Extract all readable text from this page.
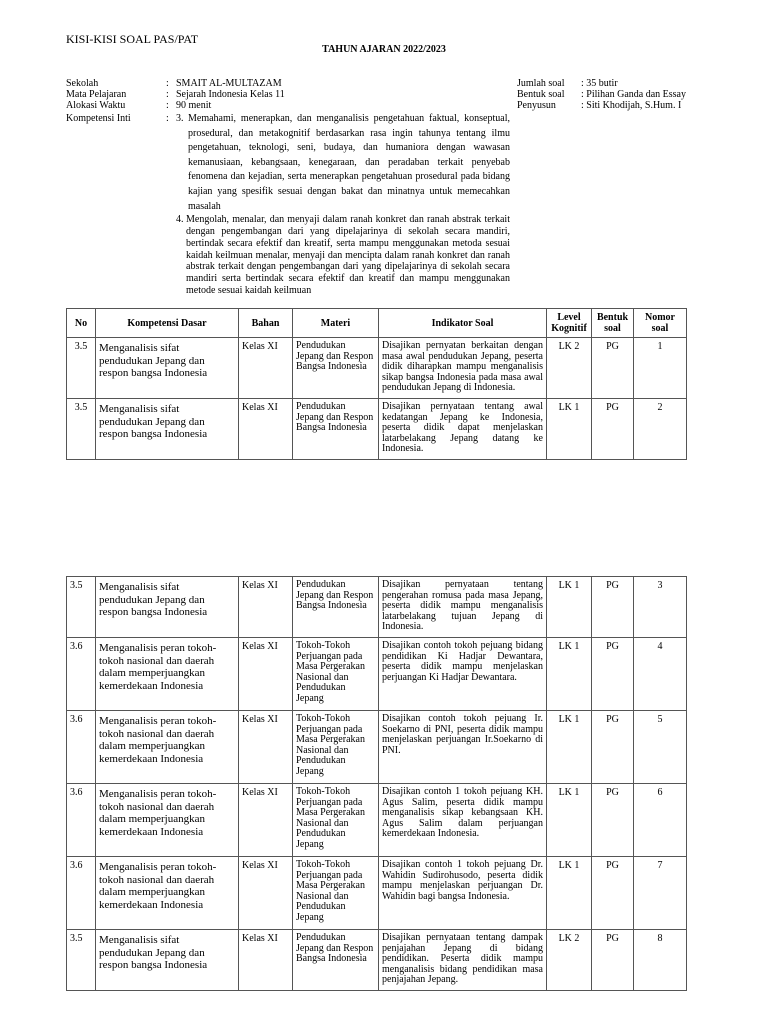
KISI-KISI SOAL PAS/PAT
TAHUN AJARAN 2022/2023
Sekolah	: SMAIT AL-MULTAZAM
Mata Pelajaran	: Sejarah Indonesia Kelas 11
Alokasi Waktu	: 90 menit
Jumlah soal	: 35 butir
Bentuk soal	: Pilihan Ganda dan Essay
Penyusun	: Siti Khodijah, S.Hum. I
Kompetensi Inti	: 3. Memahami, menerapkan, dan menganalisis pengetahuan faktual, konseptual, prosedural, dan metakognitif berdasarkan rasa ingin tahunya tentang ilmu pengetahuan, teknologi, seni, budaya, dan humaniora dengan wawasan kemanusiaan, kebangsaan, kenegaraan, dan peradaban terkait penyebab fenomena dan kejadian, serta menerapkan pengetahuan prosedural pada bidang kajian yang spesifik sesuai dengan bakat dan minatnya untuk memecahkan masalah
4. Mengolah, menalar, dan menyaji dalam ranah konkret dan ranah abstrak terkait dengan pengembangan dari yang dipelajarinya di sekolah secara mandiri, bertindak secara efektif dan kreatif, serta mampu menggunakan metoda sesuai kaidah keilmuan menalar, menyaji dan mencipta dalam ranah konkret dan ranah abstrak terkait dengan pengembangan dari yang dipelajarinya di sekolah secara mandiri serta bertindak secara efektif dan kreatif dan mampu menggunakan metode sesuai kaidah keilmuan
No	Kompetensi Dasar	Bahan	Materi	Indikator Soal	Level Kognitif	Bentuk soal	Nomor soal
3.5	Menganalisis sifat pendudukan Jepang dan respon bangsa Indonesia	Kelas XI	Pendudukan Jepang dan Respon Bangsa Indonesia	Disajikan pernyatan berkaitan dengan masa awal pendudukan Jepang, peserta didik diharapkan mampu menganalisis sikap bangsa Indonesia pada masa awal pendudukan Jepang di Indonesia.	LK 2	PG	1
3.5	Menganalisis sifat pendudukan Jepang dan respon bangsa Indonesia	Kelas XI	Pendudukan Jepang dan Respon Bangsa Indonesia	Disajikan pernyataan tentang awal kedatangan Jepang ke Indonesia, peserta didik dapat menjelaskan latarbelakang Jepang datang ke Indonesia.	LK 1	PG	2
3.5	Menganalisis sifat pendudukan Jepang dan respon bangsa Indonesia	Kelas XI	Pendudukan Jepang dan Respon Bangsa Indonesia	Disajikan pernyataan tentang pengerahan romusa pada masa Jepang, peserta didik mampu menganalisis latarbelakang tujuan Jepang di Indonesia.	LK 1	PG	3
3.6	Menganalisis peran tokoh-tokoh nasional dan daerah dalam memperjuangkan kemerdekaan Indonesia	Kelas XI	Tokoh-Tokoh Perjuangan pada Masa Pergerakan Nasional dan Pendudukan Jepang	Disajikan contoh tokoh pejuang bidang pendidikan Ki Hadjar Dewantara, peserta didik mampu menjelaskan perjuangan Ki Hadjar Dewantara.	LK 1	PG	4
3.6	Menganalisis peran tokoh-tokoh nasional dan daerah dalam memperjuangkan kemerdekaan Indonesia	Kelas XI	Tokoh-Tokoh Perjuangan pada Masa Pergerakan Nasional dan Pendudukan Jepang	Disajikan contoh tokoh pejuang Ir. Soekarno di PNI, peserta didik mampu menjelaskan perjuangan Ir.Soekarno di PNI.	LK 1	PG	5
3.6	Menganalisis peran tokoh-tokoh nasional dan daerah dalam memperjuangkan kemerdekaan Indonesia	Kelas XI	Tokoh-Tokoh Perjuangan pada Masa Pergerakan Nasional dan Pendudukan Jepang	Disajikan contoh 1 tokoh pejuang KH. Agus Salim, peserta didik mampu menganalisis sikap kebangsaan KH. Agus Salim dalam perjuangan kemerdekaan Indonesia.	LK 1	PG	6
3.6	Menganalisis peran tokoh-tokoh nasional dan daerah dalam memperjuangkan kemerdekaan Indonesia	Kelas XI	Tokoh-Tokoh Perjuangan pada Masa Pergerakan Nasional dan Pendudukan Jepang	Disajikan contoh 1 tokoh pejuang Dr. Wahidin Sudirohusodo, peserta didik mampu menjelaskan perjuangan Dr. Wahidin bagi bangsa Indonesia.	LK 1	PG	7
3.5	Menganalisis sifat pendudukan Jepang dan respon bangsa Indonesia	Kelas XI	Pendudukan Jepang dan Respon Bangsa Indonesia	Disajikan pernyataan tentang dampak penjajahan Jepang di bidang pendidikan. Peserta didik mampu menganalisis bidang pendidikan masa penjajahan Jepang.	LK 2	PG	8
